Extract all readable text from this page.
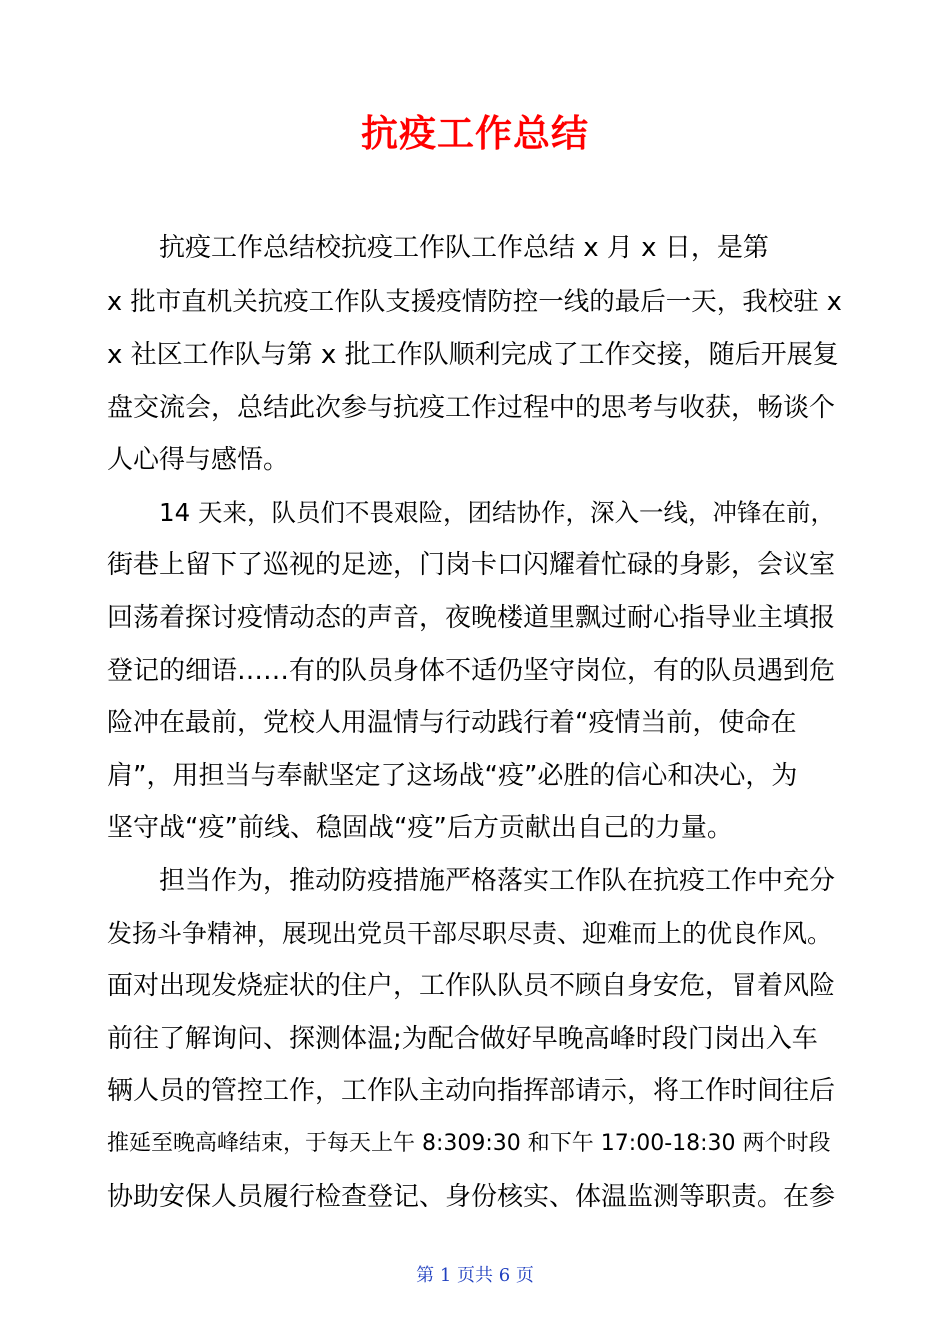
抗疫工作总结
抗疫工作总结校抗疫工作队工作总结 x 月 x 日，是第
x 批市直机关抗疫工作队支援疫情防控一线的最后一天，我校驻 x
x 社区工作队与第 x 批工作队顺利完成了工作交接，随后开展复
盘交流会，总结此次参与抗疫工作过程中的思考与收获，畅谈个
人心得与感悟。
14 天来，队员们不畏艰险，团结协作，深入一线，冲锋在前，
街巷上留下了巡视的足迹，门岗卡口闪耀着忙碌的身影，会议室
回荡着探讨疫情动态的声音，夜晚楼道里飘过耐心指导业主填报
登记的细语……有的队员身体不适仍坚守岗位，有的队员遇到危
险冲在最前，党校人用温情与行动践行着“疫情当前，使命在
肩”，用担当与奉献坚定了这场战“疫”必胜的信心和决心，为
坚守战“疫”前线、稳固战“疫”后方贡献出自己的力量。
担当作为，推动防疫措施严格落实工作队在抗疫工作中充分
发扬斗争精神，展现出党员干部尽职尽责、迎难而上的优良作风。
面对出现发烧症状的住户，工作队队员不顾自身安危，冒着风险
前往了解询问、探测体温;为配合做好早晚高峰时段门岗出入车
辆人员的管控工作，工作队主动向指挥部请示，将工作时间往后
推延至晚高峰结束，于每天上午 8:309:30 和下午 17:00-18:30 两个时段
协助安保人员履行检查登记、身份核实、体温监测等职责。在参
第 1 页共 6 页
